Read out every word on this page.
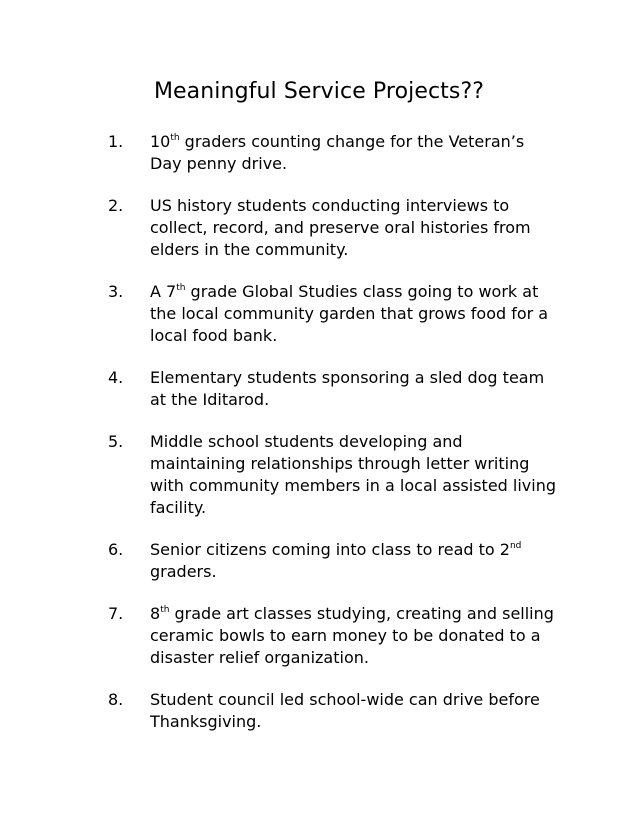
Meaningful Service Projects??
1.	10th graders counting change for the Veteran’s Day penny drive.
2.	US history students conducting interviews to collect, record, and preserve oral histories from elders in the community.
3.	A 7th grade Global Studies class going to work at the local community garden that grows food for a local food bank.
4.	Elementary students sponsoring a sled dog team at the Iditarod.
5.	Middle school students developing and maintaining relationships through letter writing with community members in a local assisted living facility.
6.	Senior citizens coming into class to read to 2nd graders.
7.	8th grade art classes studying, creating and selling ceramic bowls to earn money to be donated to a disaster relief organization.
8.	Student council led school-wide can drive before Thanksgiving.
